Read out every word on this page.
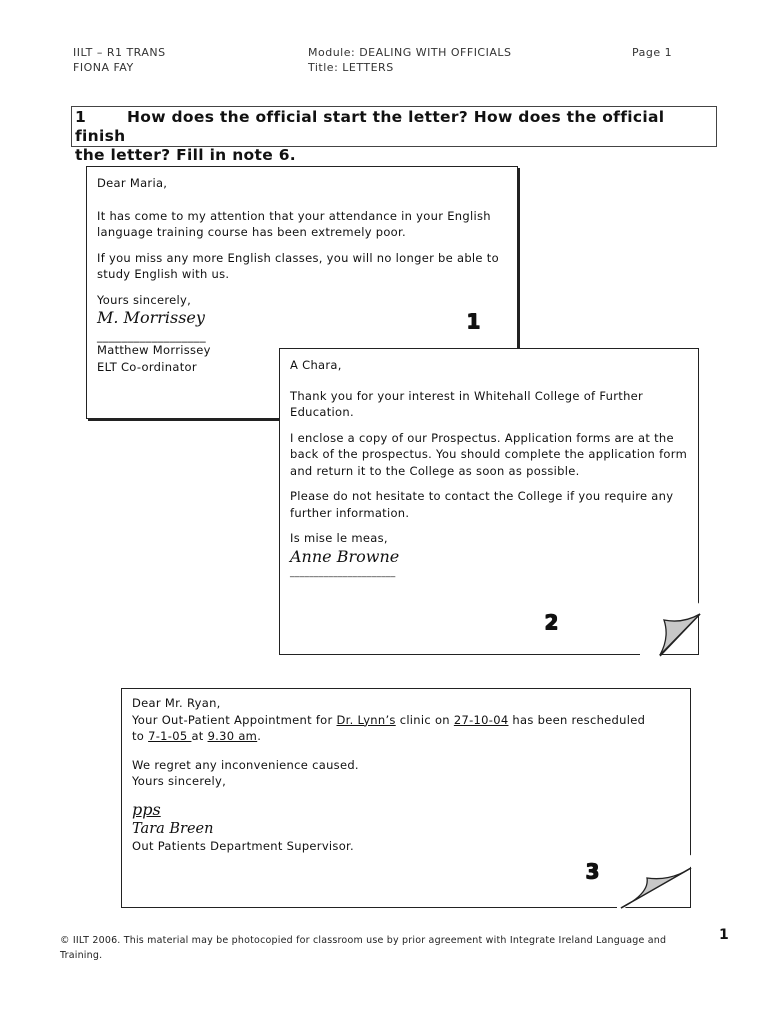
IILT – R1 TRANS
FIONA FAY
Module: DEALING WITH OFFICIALS
Title: LETTERS
Page 1
1	How does the official start the letter? How does the official finish
the letter? Fill in note 6.

Dear Maria,

It has come to my attention that your attendance in your English language training course has been extremely poor.

If you miss any more English classes, you will no longer be able to study English with us.

Yours sincerely,

M. Morrissey

__________________

Matthew Morrissey

ELT Co-ordinator

1

A Chara,

Thank you for your interest in Whitehall College of Further Education.

I enclose a copy of our Prospectus. Application forms are at the back of the prospectus. You should complete the application form and return it to the College as soon as possible.

Please do not hesitate to contact the College if you require any further information.

Is mise le meas,

Anne Browne

______________________

2

Dear Mr. Ryan,

Your Out-Patient Appointment for Dr. Lynn’s clinic on 27-10-04 has been rescheduled

to 7-1-05 at 9.30 am.

We regret any inconvenience caused.

Yours sincerely,

pps

Tara Breen

Out Patients Department Supervisor.

3
© IILT 2006. This material may be photocopied for classroom use by prior agreement with Integrate Ireland Language and Training.
1
